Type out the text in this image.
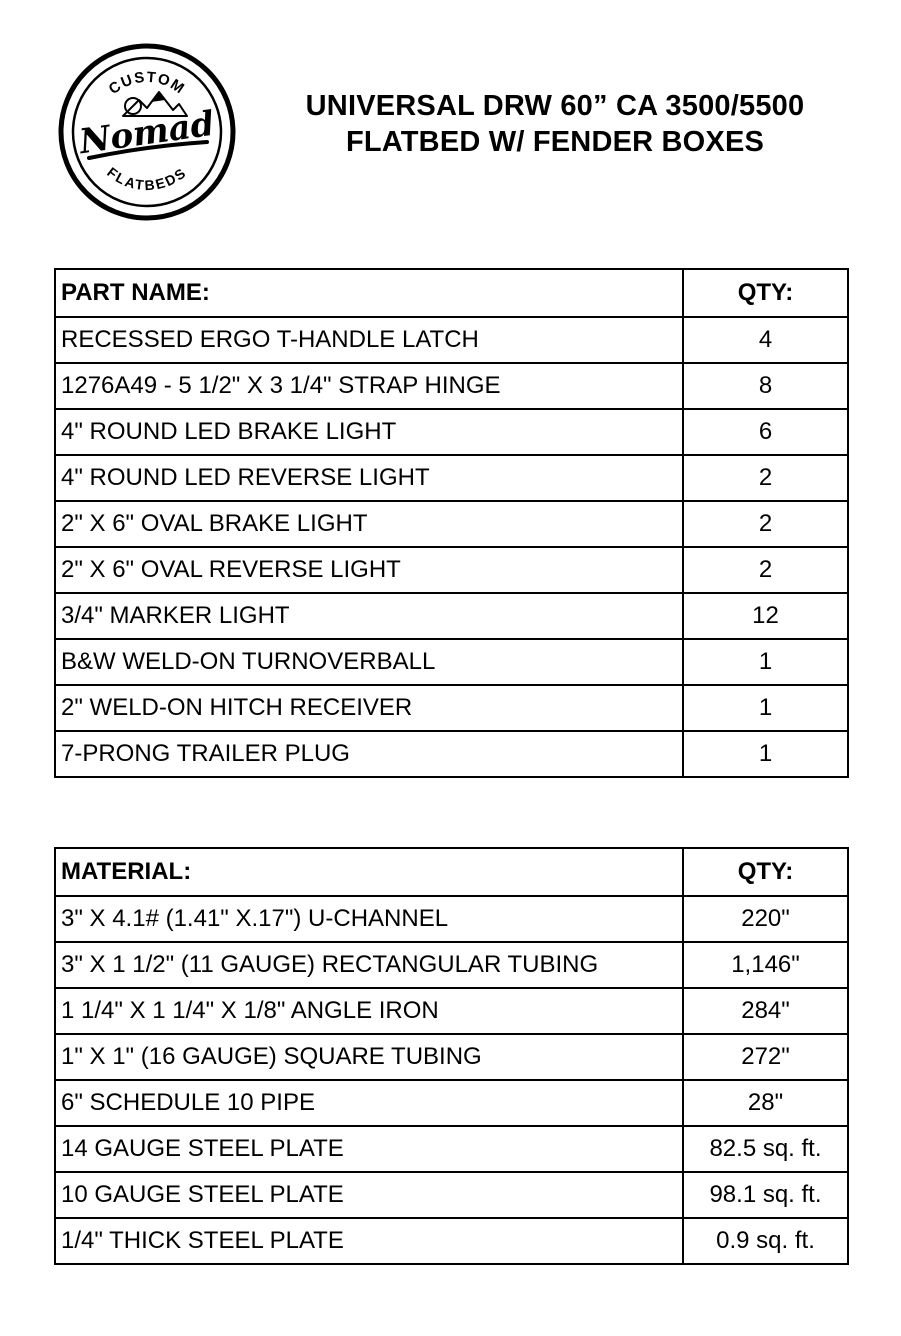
CUSTOM
Nomad
FLATBEDS
UNIVERSAL DRW 60” CA 3500/5500
FLATBED W/ FENDER BOXES
PART NAME:	QTY:
RECESSED ERGO T-HANDLE LATCH	4
1276A49 - 5 1/2" X 3 1/4" STRAP HINGE	8
4" ROUND LED BRAKE LIGHT	6
4" ROUND LED REVERSE LIGHT	2
2" X 6" OVAL BRAKE LIGHT	2
2" X 6" OVAL REVERSE LIGHT	2
3/4" MARKER LIGHT	12
B&W WELD-ON TURNOVERBALL	1
2" WELD-ON HITCH RECEIVER	1
7-PRONG TRAILER PLUG	1
MATERIAL:	QTY:
3" X 4.1# (1.41" X.17") U-CHANNEL	220"
3" X 1 1/2" (11 GAUGE) RECTANGULAR TUBING	1,146"
1 1/4" X 1 1/4" X 1/8" ANGLE IRON	284"
1" X 1" (16 GAUGE) SQUARE TUBING	272"
6" SCHEDULE 10 PIPE	28"
14 GAUGE STEEL PLATE	82.5 sq. ft.
10 GAUGE STEEL PLATE	98.1 sq. ft.
1/4" THICK STEEL PLATE	0.9 sq. ft.
